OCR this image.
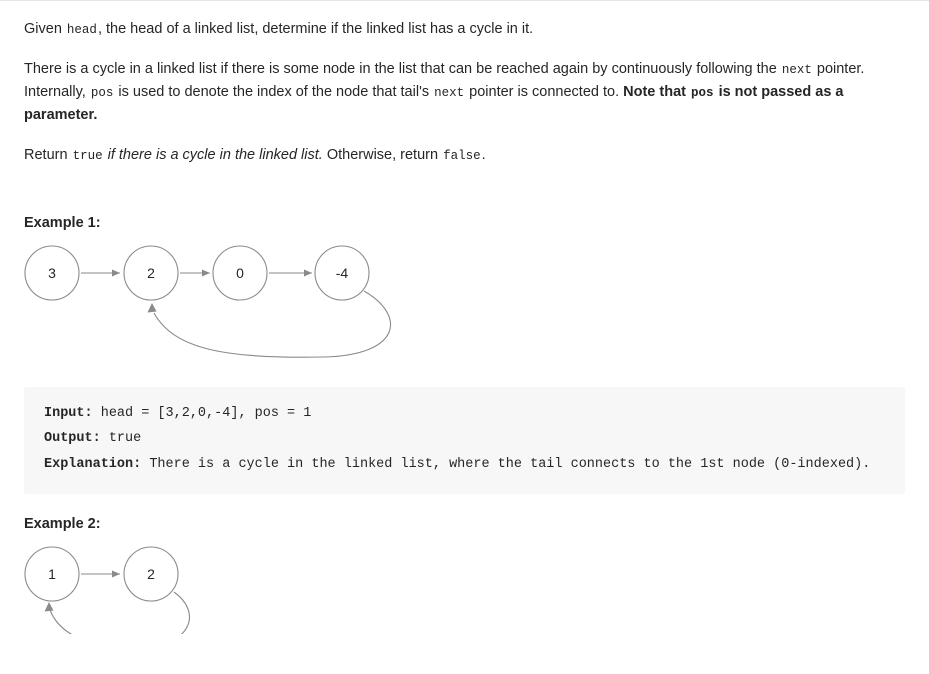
Given head, the head of a linked list, determine if the linked list has a cycle in it.

There is a cycle in a linked list if there is some node in the list that can be reached again by continuously following the next pointer. Internally, pos is used to denote the index of the node that tail's next pointer is connected to. Note that pos is not passed as a parameter.

Return true if there is a cycle in the linked list. Otherwise, return false.

Example 1:
3	2	0	-4
Input: head = [3,2,0,-4], pos = 1
Output: true
Explanation: There is a cycle in the linked list, where the tail connects to the 1st node (0-indexed).
Example 2:
1	2
